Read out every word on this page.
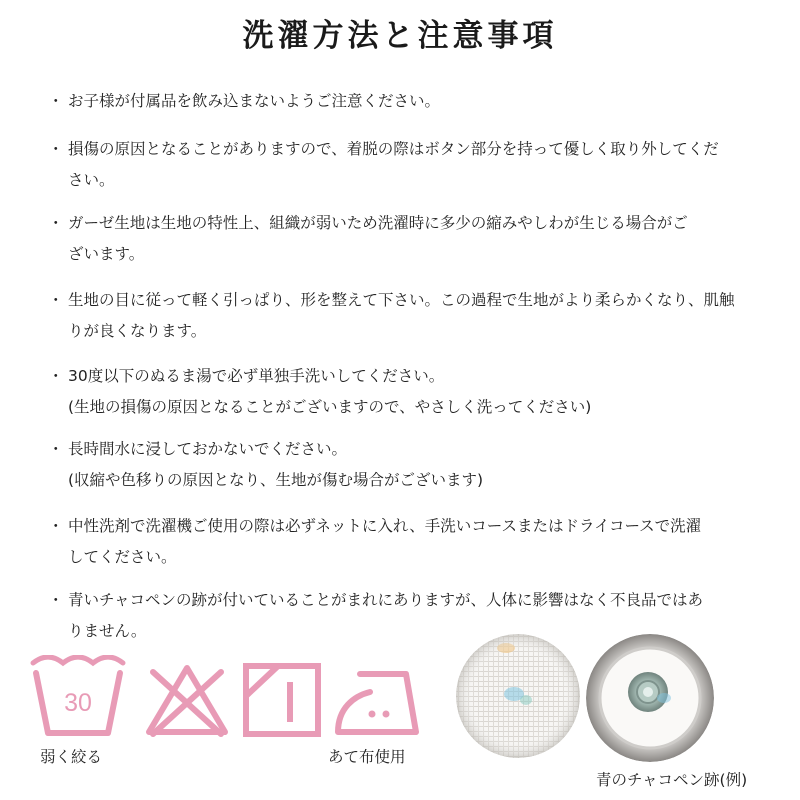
洗濯方法と注意事項
・ お子様が付属品を飲み込まないようご注意ください。
・ 損傷の原因となることがありますので、着脱の際はボタン部分を持って優しく取り外してくだ
さい。
・ ガーゼ生地は生地の特性上、組織が弱いため洗濯時に多少の縮みやしわが生じる場合がご
ざいます。
・ 生地の目に従って軽く引っぱり、形を整えて下さい。この過程で生地がより柔らかくなり、肌触
りが良くなります。
・ 30度以下のぬるま湯で必ず単独手洗いしてください。
(生地の損傷の原因となることがございますので、やさしく洗ってください)
・ 長時間水に浸しておかないでください。
(収縮や色移りの原因となり、生地が傷む場合がございます)
・ 中性洗剤で洗濯機ご使用の際は必ずネットに入れ、手洗いコースまたはドライコースで洗濯
してください。
・ 青いチャコペンの跡が付いていることがまれにありますが、人体に影響はなく不良品ではあ
りません。
30
弱く絞る	あて布使用
青のチャコペン跡(例)
